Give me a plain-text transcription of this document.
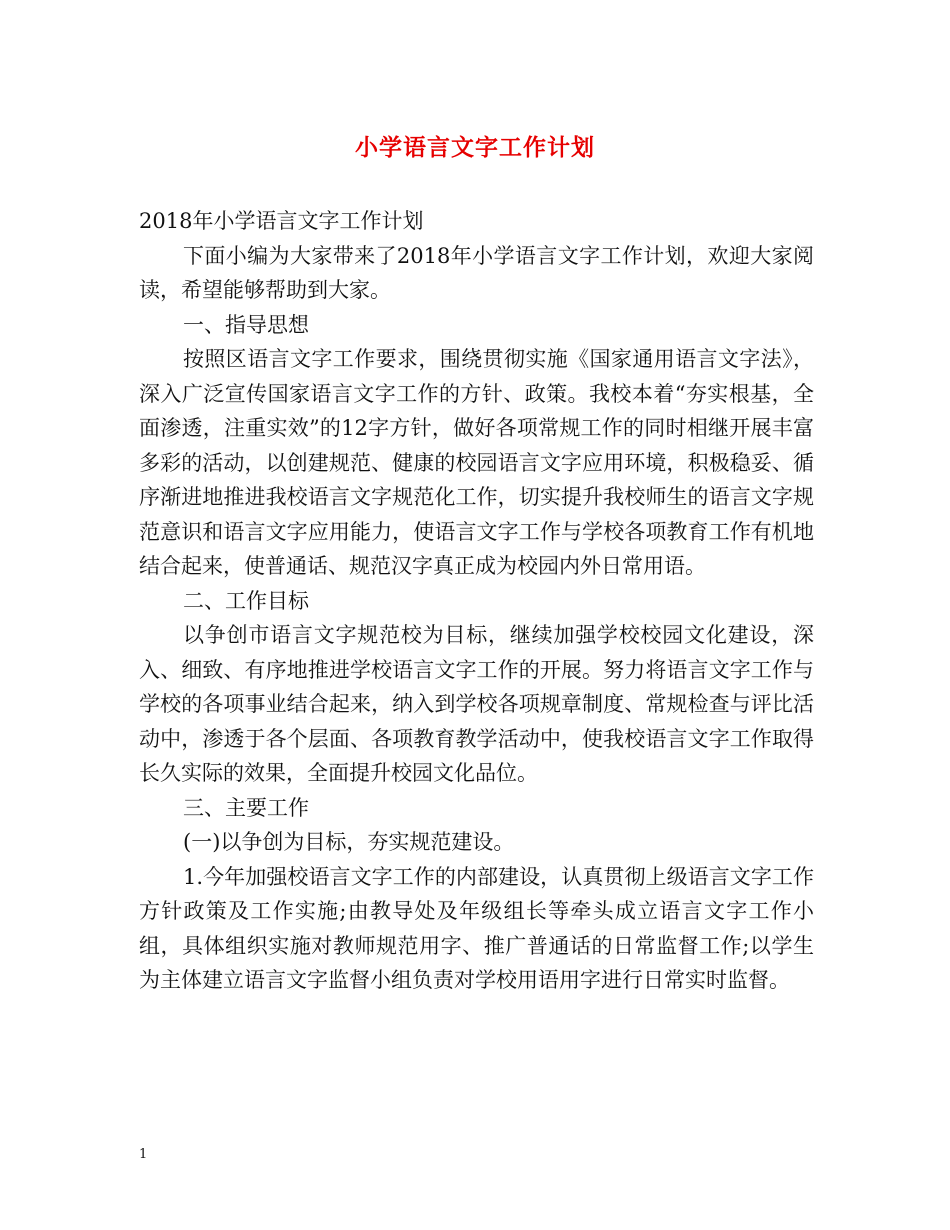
小学语言文字工作计划

2018年小学语言文字工作计划

下面小编为大家带来了2018年小学语言文字工作计划，欢迎大家阅读，希望能够帮助到大家。

一、指导思想

按照区语言文字工作要求，围绕贯彻实施《国家通用语言文字法》，深入广泛宣传国家语言文字工作的方针、政策。我校本着“夯实根基，全面渗透，注重实效”的12字方针，做好各项常规工作的同时相继开展丰富多彩的活动，以创建规范、健康的校园语言文字应用环境，积极稳妥、循序渐进地推进我校语言文字规范化工作，切实提升我校师生的语言文字规范意识和语言文字应用能力，使语言文字工作与学校各项教育工作有机地结合起来，使普通话、规范汉字真正成为校园内外日常用语。

二、工作目标

以争创市语言文字规范校为目标，继续加强学校校园文化建设，深入、细致、有序地推进学校语言文字工作的开展。努力将语言文字工作与学校的各项事业结合起来，纳入到学校各项规章制度、常规检查与评比活动中，渗透于各个层面、各项教育教学活动中，使我校语言文字工作取得长久实际的效果，全面提升校园文化品位。

三、主要工作

(一)以争创为目标，夯实规范建设。

1.今年加强校语言文字工作的内部建设，认真贯彻上级语言文字工作方针政策及工作实施;由教导处及年级组长等牵头成立语言文字工作小组，具体组织实施对教师规范用字、推广普通话的日常监督工作;以学生为主体建立语言文字监督小组负责对学校用语用字进行日常实时监督。

1
